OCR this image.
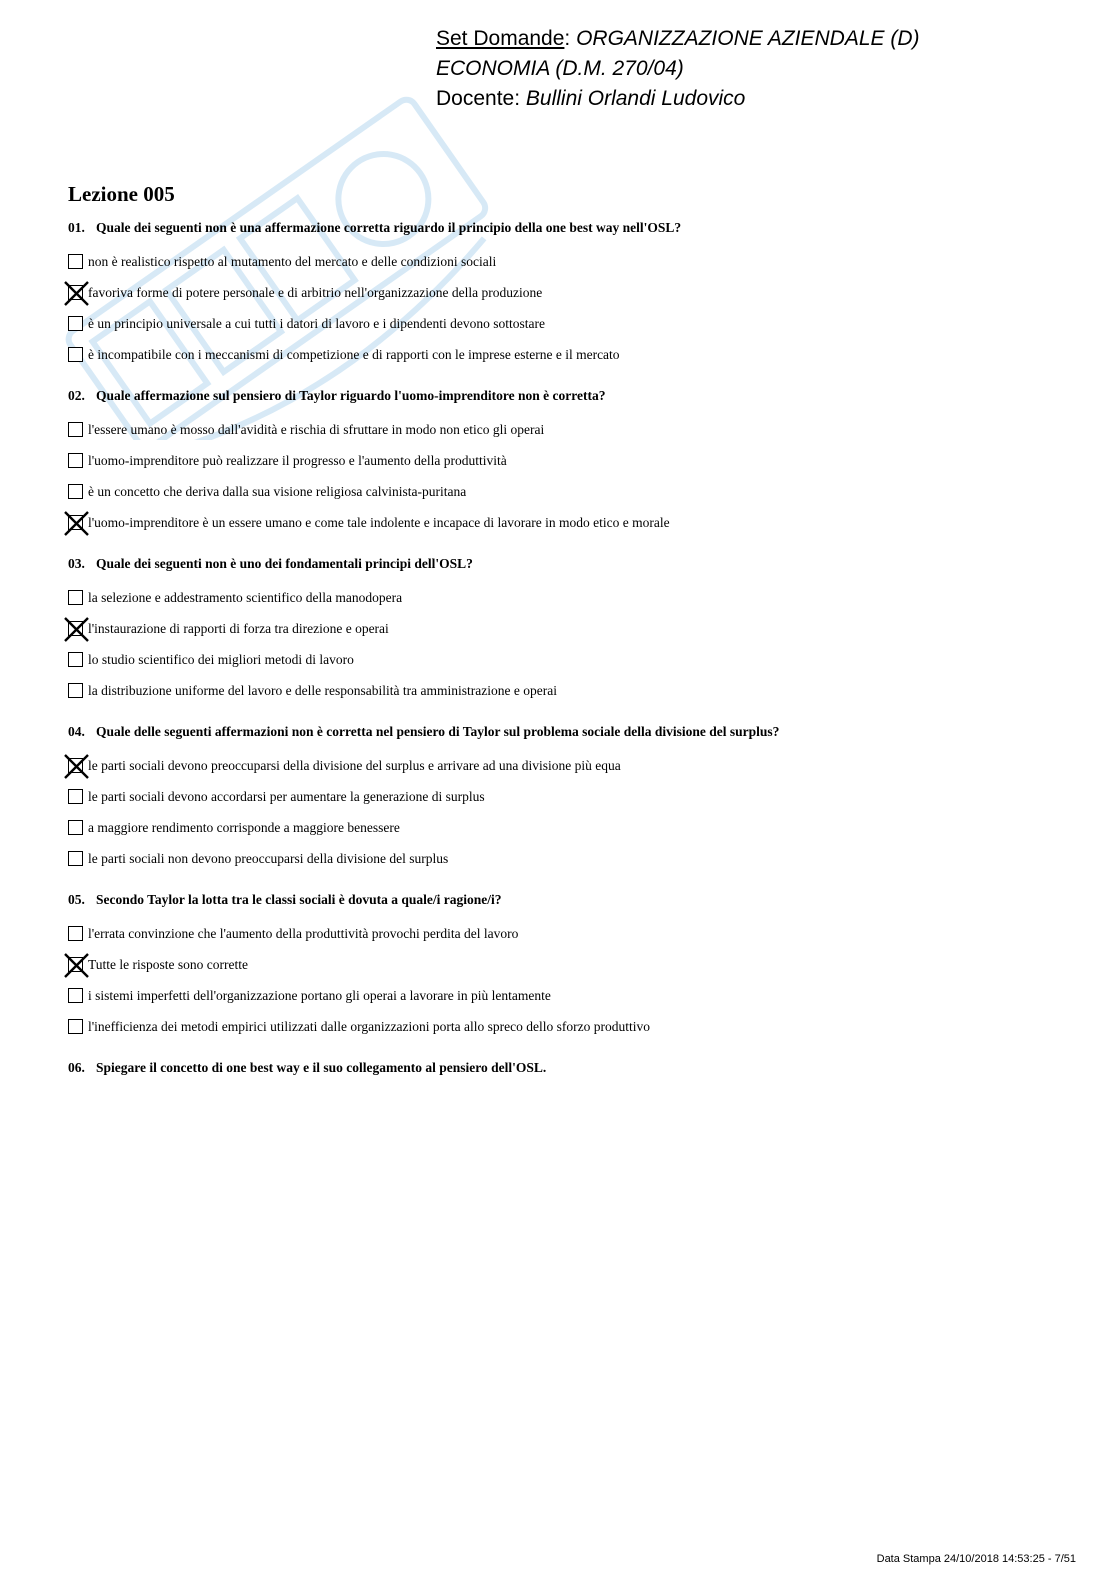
Set Domande: ORGANIZZAZIONE AZIENDALE (D)
ECONOMIA (D.M. 270/04)
Docente: Bullini Orlandi Ludovico
Lezione 005
01. Quale dei seguenti non è una affermazione corretta riguardo il principio della one best way nell'OSL?
non è realistico rispetto al mutamento del mercato e delle condizioni sociali
favoriva forme di potere personale e di arbitrio nell'organizzazione della produzione
è un principio universale a cui tutti i datori di lavoro e i dipendenti devono sottostare
è incompatibile con i meccanismi di competizione e di rapporti con le imprese esterne e il mercato
02. Quale affermazione sul pensiero di Taylor riguardo l'uomo-imprenditore non è corretta?
l'essere umano è mosso dall'avidità e rischia di sfruttare in modo non etico gli operai
l'uomo-imprenditore può realizzare il progresso e l'aumento della produttività
è un concetto che deriva dalla sua visione religiosa calvinista-puritana
l'uomo-imprenditore è un essere umano e come tale indolente e incapace di lavorare in modo etico e morale
03. Quale dei seguenti non è uno dei fondamentali principi dell'OSL?
la selezione e addestramento scientifico della manodopera
l'instaurazione di rapporti di forza tra direzione e operai
lo studio scientifico dei migliori metodi di lavoro
la distribuzione uniforme del lavoro e delle responsabilità tra amministrazione e operai
04. Quale delle seguenti affermazioni non è corretta nel pensiero di Taylor sul problema sociale della divisione del surplus?
le parti sociali devono preoccuparsi della divisione del surplus e arrivare ad una divisione più equa
le parti sociali devono accordarsi per aumentare la generazione di surplus
a maggiore rendimento corrisponde a maggiore benessere
le parti sociali non devono preoccuparsi della divisione del surplus
05. Secondo Taylor la lotta tra le classi sociali è dovuta a quale/i ragione/i?
l'errata convinzione che l'aumento della produttività provochi perdita del lavoro
Tutte le risposte sono corrette
i sistemi imperfetti dell'organizzazione portano gli operai a lavorare in più lentamente
l'inefficienza dei metodi empirici utilizzati dalle organizzazioni porta allo spreco dello sforzo produttivo
06. Spiegare il concetto di one best way e il suo collegamento al pensiero dell'OSL.
Data Stampa 24/10/2018 14:53:25 - 7/51
